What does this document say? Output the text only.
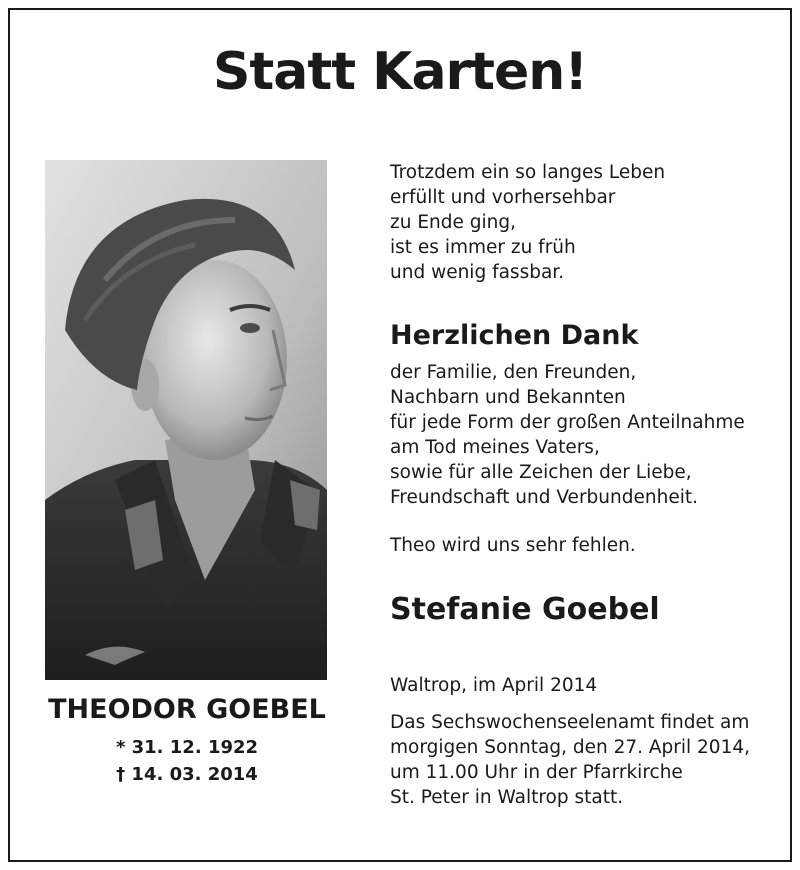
Statt Karten!
THEODOR GOEBEL
* 31. 12. 1922
† 14. 03. 2014
Trotzdem ein so langes Leben
erfüllt und vorhersehbar
zu Ende ging,
ist es immer zu früh
und wenig fassbar.
Herzlichen Dank
der Familie, den Freunden,
Nachbarn und Bekannten
für jede Form der großen Anteilnahme
am Tod meines Vaters,
sowie für alle Zeichen der Liebe,
Freundschaft und Verbundenheit.
Theo wird uns sehr fehlen.
Stefanie Goebel
Waltrop, im April 2014
Das Sechswochenseelenamt findet am
morgigen Sonntag, den 27. April 2014,
um 11.00 Uhr in der Pfarrkirche
St. Peter in Waltrop statt.
